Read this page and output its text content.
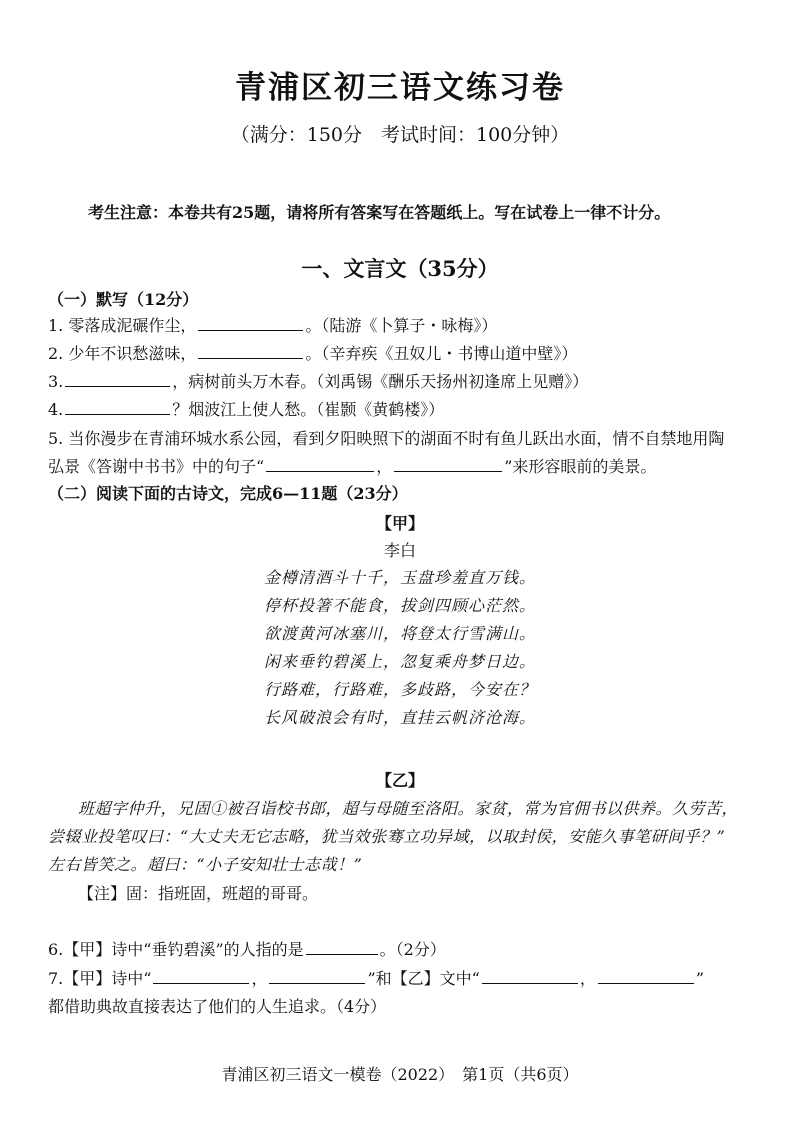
青浦区初三语文练习卷
（满分：150分　考试时间：100分钟）
考生注意：本卷共有25题，请将所有答案写在答题纸上。写在试卷上一律不计分。
一、文言文（35分）
（一）默写（12分）
1. 零落成泥碾作尘，	。（陆游《卜算子・咏梅》）
2. 少年不识愁滋味，	。（辛弃疾《丑奴儿・书博山道中壁》）
3.	，病树前头万木春。（刘禹锡《酬乐天扬州初逢席上见赠》）
4.	？烟波江上使人愁。（崔颢《黄鹤楼》）
5. 当你漫步在青浦环城水系公园，看到夕阳映照下的湖面不时有鱼儿跃出水面，情不自禁地用陶
弘景《答谢中书书》中的句子“	，	”来形容眼前的美景。
（二）阅读下面的古诗文，完成6—11题（23分）
【甲】
李白
金樽清酒斗十千，玉盘珍羞直万钱。
停杯投箸不能食，拔剑四顾心茫然。
欲渡黄河冰塞川，将登太行雪满山。
闲来垂钓碧溪上，忽复乘舟梦日边。
行路难，行路难，多歧路，今安在？
长风破浪会有时，直挂云帆济沧海。
【乙】
班超字仲升，兄固①被召诣校书郎，超与母随至洛阳。家贫，常为官佣书以供养。久劳苦，
尝辍业投笔叹曰：“大丈夫无它志略，犹当效张骞立功异域，以取封侯，安能久事笔研间乎？”
左右皆笑之。超曰：“小子安知壮士志哉！”
【注】固：指班固，班超的哥哥。
6.【甲】诗中“垂钓碧溪”的人指的是	。（2分）
7.【甲】诗中“	，	”和【乙】文中“	，	”
都借助典故直接表达了他们的人生追求。（4分）
青浦区初三语文一模卷（2022）　第1页（共6页）
